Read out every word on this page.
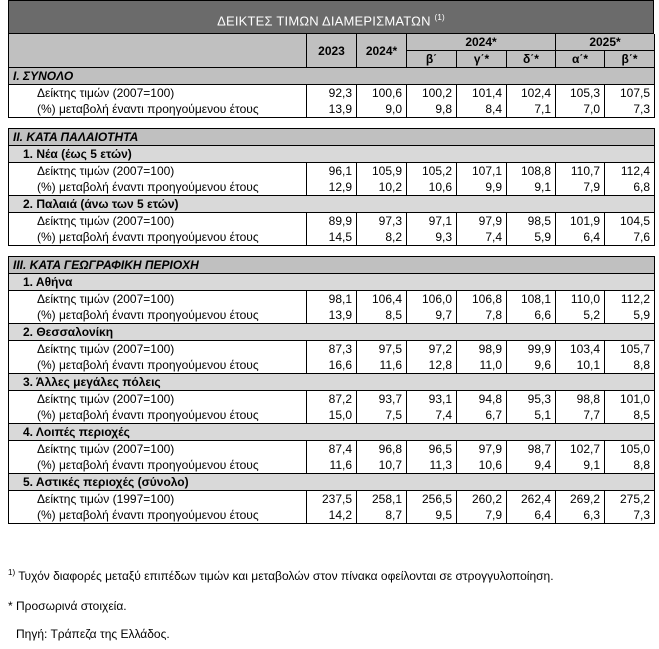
ΔΕΙΚΤΕΣ ΤΙΜΩΝ ΔΙΑΜΕΡΙΣΜΑΤΩΝ $^{(1)}$
	2023	2024*	2024*			2025*	
			β΄	γ΄*	δ΄*	α΄*	β΄*
I. ΣΥΝΟΛΟ							
Δείκτης τιμών (2007=100)	92,3	100,6	100,2	101,4	102,4	105,3	107,5
(%) μεταβολή έναντι προηγούμενου έτους	13,9	9,0	9,8	8,4	7,1	7,0	7,3

II. ΚΑΤΑ ΠΑΛΑΙΟΤΗΤΑ							
1. Νέα (έως 5 ετών)							
Δείκτης τιμών (2007=100)	96,1	105,9	105,2	107,1	108,8	110,7	112,4
(%) μεταβολή έναντι προηγούμενου έτους	12,9	10,2	10,6	9,9	9,1	7,9	6,8
2. Παλαιά (άνω των 5 ετών)							
Δείκτης τιμών (2007=100)	89,9	97,3	97,1	97,9	98,5	101,9	104,5
(%) μεταβολή έναντι προηγούμενου έτους	14,5	8,2	9,3	7,4	5,9	6,4	7,6

III. ΚΑΤΑ ΓΕΩΓΡΑΦΙΚΗ ΠΕΡΙΟΧΗ							
1. Αθήνα							
Δείκτης τιμών (2007=100)	98,1	106,4	106,0	106,8	108,1	110,0	112,2
(%) μεταβολή έναντι προηγούμενου έτους	13,9	8,5	9,7	7,8	6,6	5,2	5,9
2. Θεσσαλονίκη							
Δείκτης τιμών (2007=100)	87,3	97,5	97,2	98,9	99,9	103,4	105,7
(%) μεταβολή έναντι προηγούμενου έτους	16,6	11,6	12,8	11,0	9,6	10,1	8,8
3. Άλλες μεγάλες πόλεις							
Δείκτης τιμών (2007=100)	87,2	93,7	93,1	94,8	95,3	98,8	101,0
(%) μεταβολή έναντι προηγούμενου έτους	15,0	7,5	7,4	6,7	5,1	7,7	8,5
4. Λοιπές περιοχές							
Δείκτης τιμών (2007=100)	87,4	96,8	96,5	97,9	98,7	102,7	105,0
(%) μεταβολή έναντι προηγούμενου έτους	11,6	10,7	11,3	10,6	9,4	9,1	8,8
5. Αστικές περιοχές (σύνολο)							
Δείκτης τιμών (1997=100)	237,5	258,1	256,5	260,2	262,4	269,2	275,2
(%) μεταβολή έναντι προηγούμενου έτους	14,2	8,7	9,5	7,9	6,4	6,3	7,3
$^{1)}$ Τυχόν διαφορές μεταξύ επιπέδων τιμών και μεταβολών στον πίνακα οφείλονται σε στρογγυλοποίηση.
* Προσωρινά στοιχεία.
Πηγή: Τράπεζα της Ελλάδος.
